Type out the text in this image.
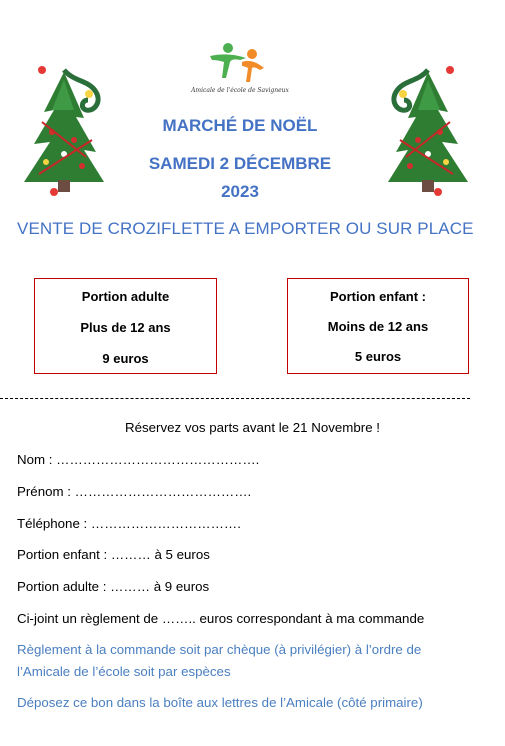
Amicale de l'école de Savigneux
MARCHÉ DE NOËL
SAMEDI 2 DÉCEMBRE
2023
VENTE DE CROZIFLETTE A EMPORTER OU SUR PLACE
Portion adulte
Plus de 12 ans
9 euros
Portion enfant :
Moins de 12 ans
5 euros
Réservez vos parts avant le 21 Novembre !
Nom : ……………………………………….
Prénom : ………………………………….
Téléphone : …………………………….
Portion enfant : ……… à 5 euros
Portion adulte : ……… à 9 euros
Ci-joint un règlement de …….. euros correspondant à ma commande
Règlement à la commande soit par chèque (à privilégier) à l’ordre de
l’Amicale de l’école soit par espèces
Déposez ce bon dans la boîte aux lettres de l’Amicale (côté primaire)
